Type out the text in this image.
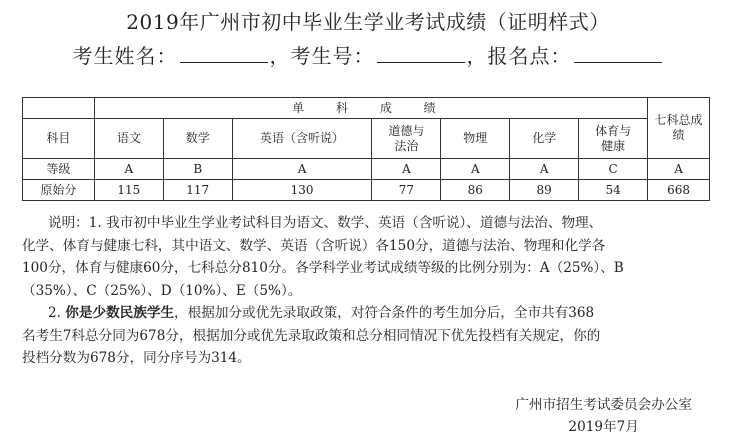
2019年广州市初中毕业生学业考试成绩（证明样式）
考生姓名：	，考生号：	，报名点：
	单 科 成 绩							七科总成绩
科目	语文	数学	英语（含听说）	道德与法治	物理	化学	体育与健康	
等级	A	B	A	A	A	A	C	A
原始分	115	117	130	77	86	89	54	668

说明：1. 我市初中毕业生学业考试科目为语文、数学、英语（含听说）、道德与法治、物理、

化学、体育与健康七科，其中语文、数学、英语（含听说）各150分，道德与法治、物理和化学各

100分，体育与健康60分，七科总分810分。各学科学业考试成绩等级的比例分别为：A（25%）、B

（35%）、C（25%）、D（10%）、E（5%）。

2. 你是少数民族学生，根据加分或优先录取政策，对符合条件的考生加分后，全市共有368

名考生7科总分同为678分，根据加分或优先录取政策和总分相同情况下优先投档有关规定，你的

投档分数为678分，同分序号为314。

广州市招生考试委员会办公室
2019年7月
